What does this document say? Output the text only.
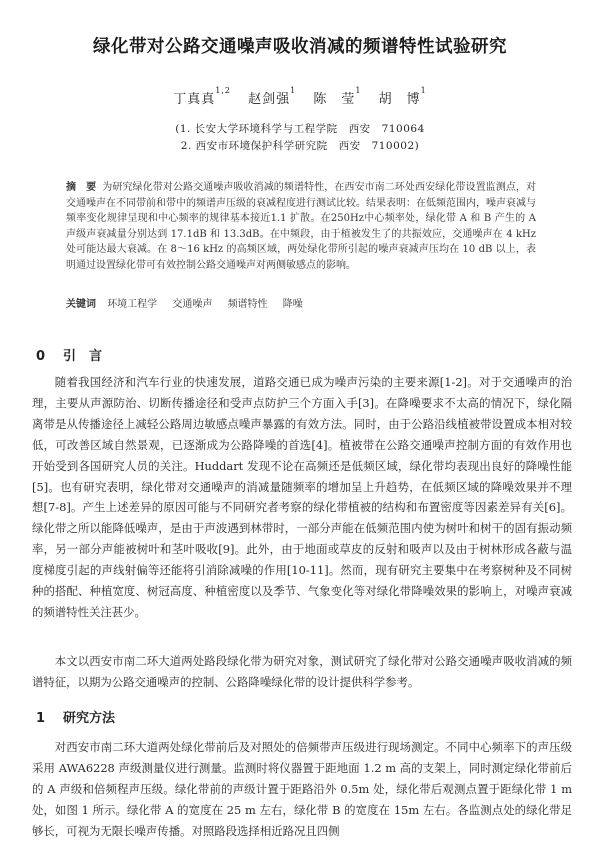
绿化带对公路交通噪声吸收消减的频谱特性试验研究
丁真真$^{1,2}$ 赵剑强$^1$ 陈　莹$^1$ 胡　博$^1$
(1. 长安大学环境科学与工程学院　西安　710064
2. 西安市环境保护科学研究院　西安　710002)
摘　要 为研究绿化带对公路交通噪声吸收消减的频谱特性，在西安市南二环处西安绿化带设置监测点，对交通噪声在不同带前和带中的频谱声压级的衰减程度进行测试比较。结果表明：在低频范围内，噪声衰减与频率变化规律呈现和中心频率的规律基本接近1.1 扩散。在250Hz中心频率处，绿化带 A 和 B 产生的 A 声级声衰减量分别达到 17.1dB 和 13.3dB。在中频段，由于植被发生了的共振效应，交通噪声在 4 kHz 处可能达最大衰减。在 8～16 kHz 的高频区域，两处绿化带所引起的噪声衰减声压均在 10 dB 以上，表明通过设置绿化带可有效控制公路交通噪声对两侧敏感点的影响。
关键词 环境工程学 交通噪声 频谱特性 降噪
0 引　言
随着我国经济和汽车行业的快速发展，道路交通已成为噪声污染的主要来源[1-2]。对于交通噪声的治理，主要从声源防治、切断传播途径和受声点防护三个方面入手[3]。在降噪要求不太高的情况下，绿化隔离带是从传播途径上减轻公路周边敏感点噪声暴露的有效方法。同时，由于公路沿线植被带设置成本相对较低，可改善区域自然景观，已逐渐成为公路降噪的首选[4]。植被带在公路交通噪声控制方面的有效作用也开始受到各国研究人员的关注。Huddart 发现不论在高频还是低频区域，绿化带均表现出良好的降噪性能[5]。也有研究表明，绿化带对交通噪声的消减量随频率的增加呈上升趋势，在低频区域的降噪效果并不理想[7-8]。产生上述差异的原因可能与不同研究者考察的绿化带植被的结构和布置密度等因素差异有关[6]。绿化带之所以能降低噪声，是由于声波遇到林带时，一部分声能在低频范围内使为树叶和树干的固有振动频率，另一部分声能被树叶和茎叶吸收[9]。此外，由于地面或草皮的反射和吸声以及由于树林形成各蔽与温度梯度引起的声线射偏等还能将引消除减噪的作用[10-11]。然而，现有研究主要集中在考察树种及不同树种的搭配、种植宽度、树冠高度、种植密度以及季节、气象变化等对绿化带降噪效果的影响上，对噪声衰减的频谱特性关注甚少。
本文以西安市南二环大道两处路段绿化带为研究对象，测试研究了绿化带对公路交通噪声吸收消减的频谱特征，以期为公路交通噪声的控制、公路降噪绿化带的设计提供科学参考。
1 研究方法
对西安市南二环大道两处绿化带前后及对照处的倍频带声压级进行现场测定。不同中心频率下的声压级采用 AWA6228 声级测量仪进行测量。监测时将仪器置于距地面 1.2 m 高的支架上，同时测定绿化带前后的 A 声级和倍频程声压级。绿化带前的声级计置于距路沿外 0.5m 处，绿化带后观测点置于距绿化带 1 m 处，如图 1 所示。绿化带 A 的宽度在 25 m 左右，绿化带 B 的宽度在 15m 左右。各监测点处的绿化带足够长，可视为无限长噪声传播。对照路段选择相近路况且四侧
